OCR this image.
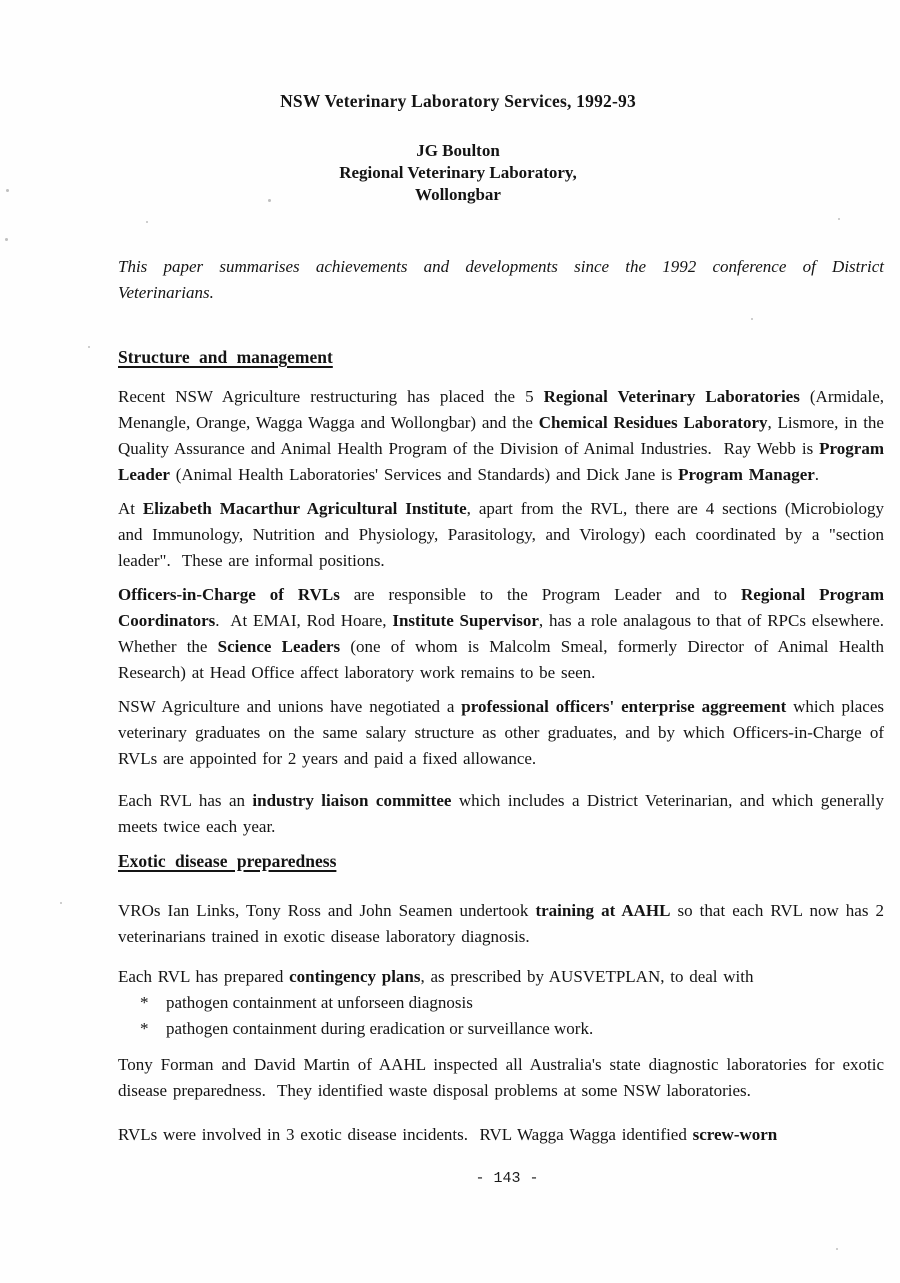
NSW Veterinary Laboratory Services, 1992-93

JG Boulton

Regional Veterinary Laboratory,

Wollongbar

This paper summarises achievements and developments since the 1992 conference of District Veterinarians.

Structure and management

Recent NSW Agriculture restructuring has placed the 5 Regional Veterinary Laboratories (Armidale, Menangle, Orange, Wagga Wagga and Wollongbar) and the Chemical Residues Laboratory, Lismore, in the Quality Assurance and Animal Health Program of the Division of Animal Industries.  Ray Webb is Program Leader (Animal Health Laboratories' Services and Standards) and Dick Jane is Program Manager.

At Elizabeth Macarthur Agricultural Institute, apart from the RVL, there are 4 sections (Microbiology and Immunology, Nutrition and Physiology, Parasitology, and Virology) each coordinated by a "section leader".  These are informal positions.

Officers-in-Charge of RVLs are responsible to the Program Leader and to Regional Program Coordinators.  At EMAI, Rod Hoare, Institute Supervisor, has a role analagous to that of RPCs elsewhere.  Whether the Science Leaders (one of whom is Malcolm Smeal, formerly Director of Animal Health Research) at Head Office affect laboratory work remains to be seen.

NSW Agriculture and unions have negotiated a professional officers' enterprise aggreement which places veterinary graduates on the same salary structure as other graduates, and by which Officers-in-Charge of RVLs are appointed for 2 years and paid a fixed allowance.

Each RVL has an industry liaison committee which includes a District Veterinarian, and which generally meets twice each year.

Exotic disease preparedness

VROs Ian Links, Tony Ross and John Seamen undertook training at AAHL so that each RVL now has 2 veterinarians trained in exotic disease laboratory diagnosis.

Each RVL has prepared contingency plans, as prescribed by AUSVETPLAN, to deal with

* pathogen containment at unforseen diagnosis
* pathogen containment during eradication or surveillance work.

Tony Forman and David Martin of AAHL inspected all Australia's state diagnostic laboratories for exotic disease preparedness.  They identified waste disposal problems at some NSW laboratories.

RVLs were involved in 3 exotic disease incidents.  RVL Wagga Wagga identified screw-worn

- 143 -
